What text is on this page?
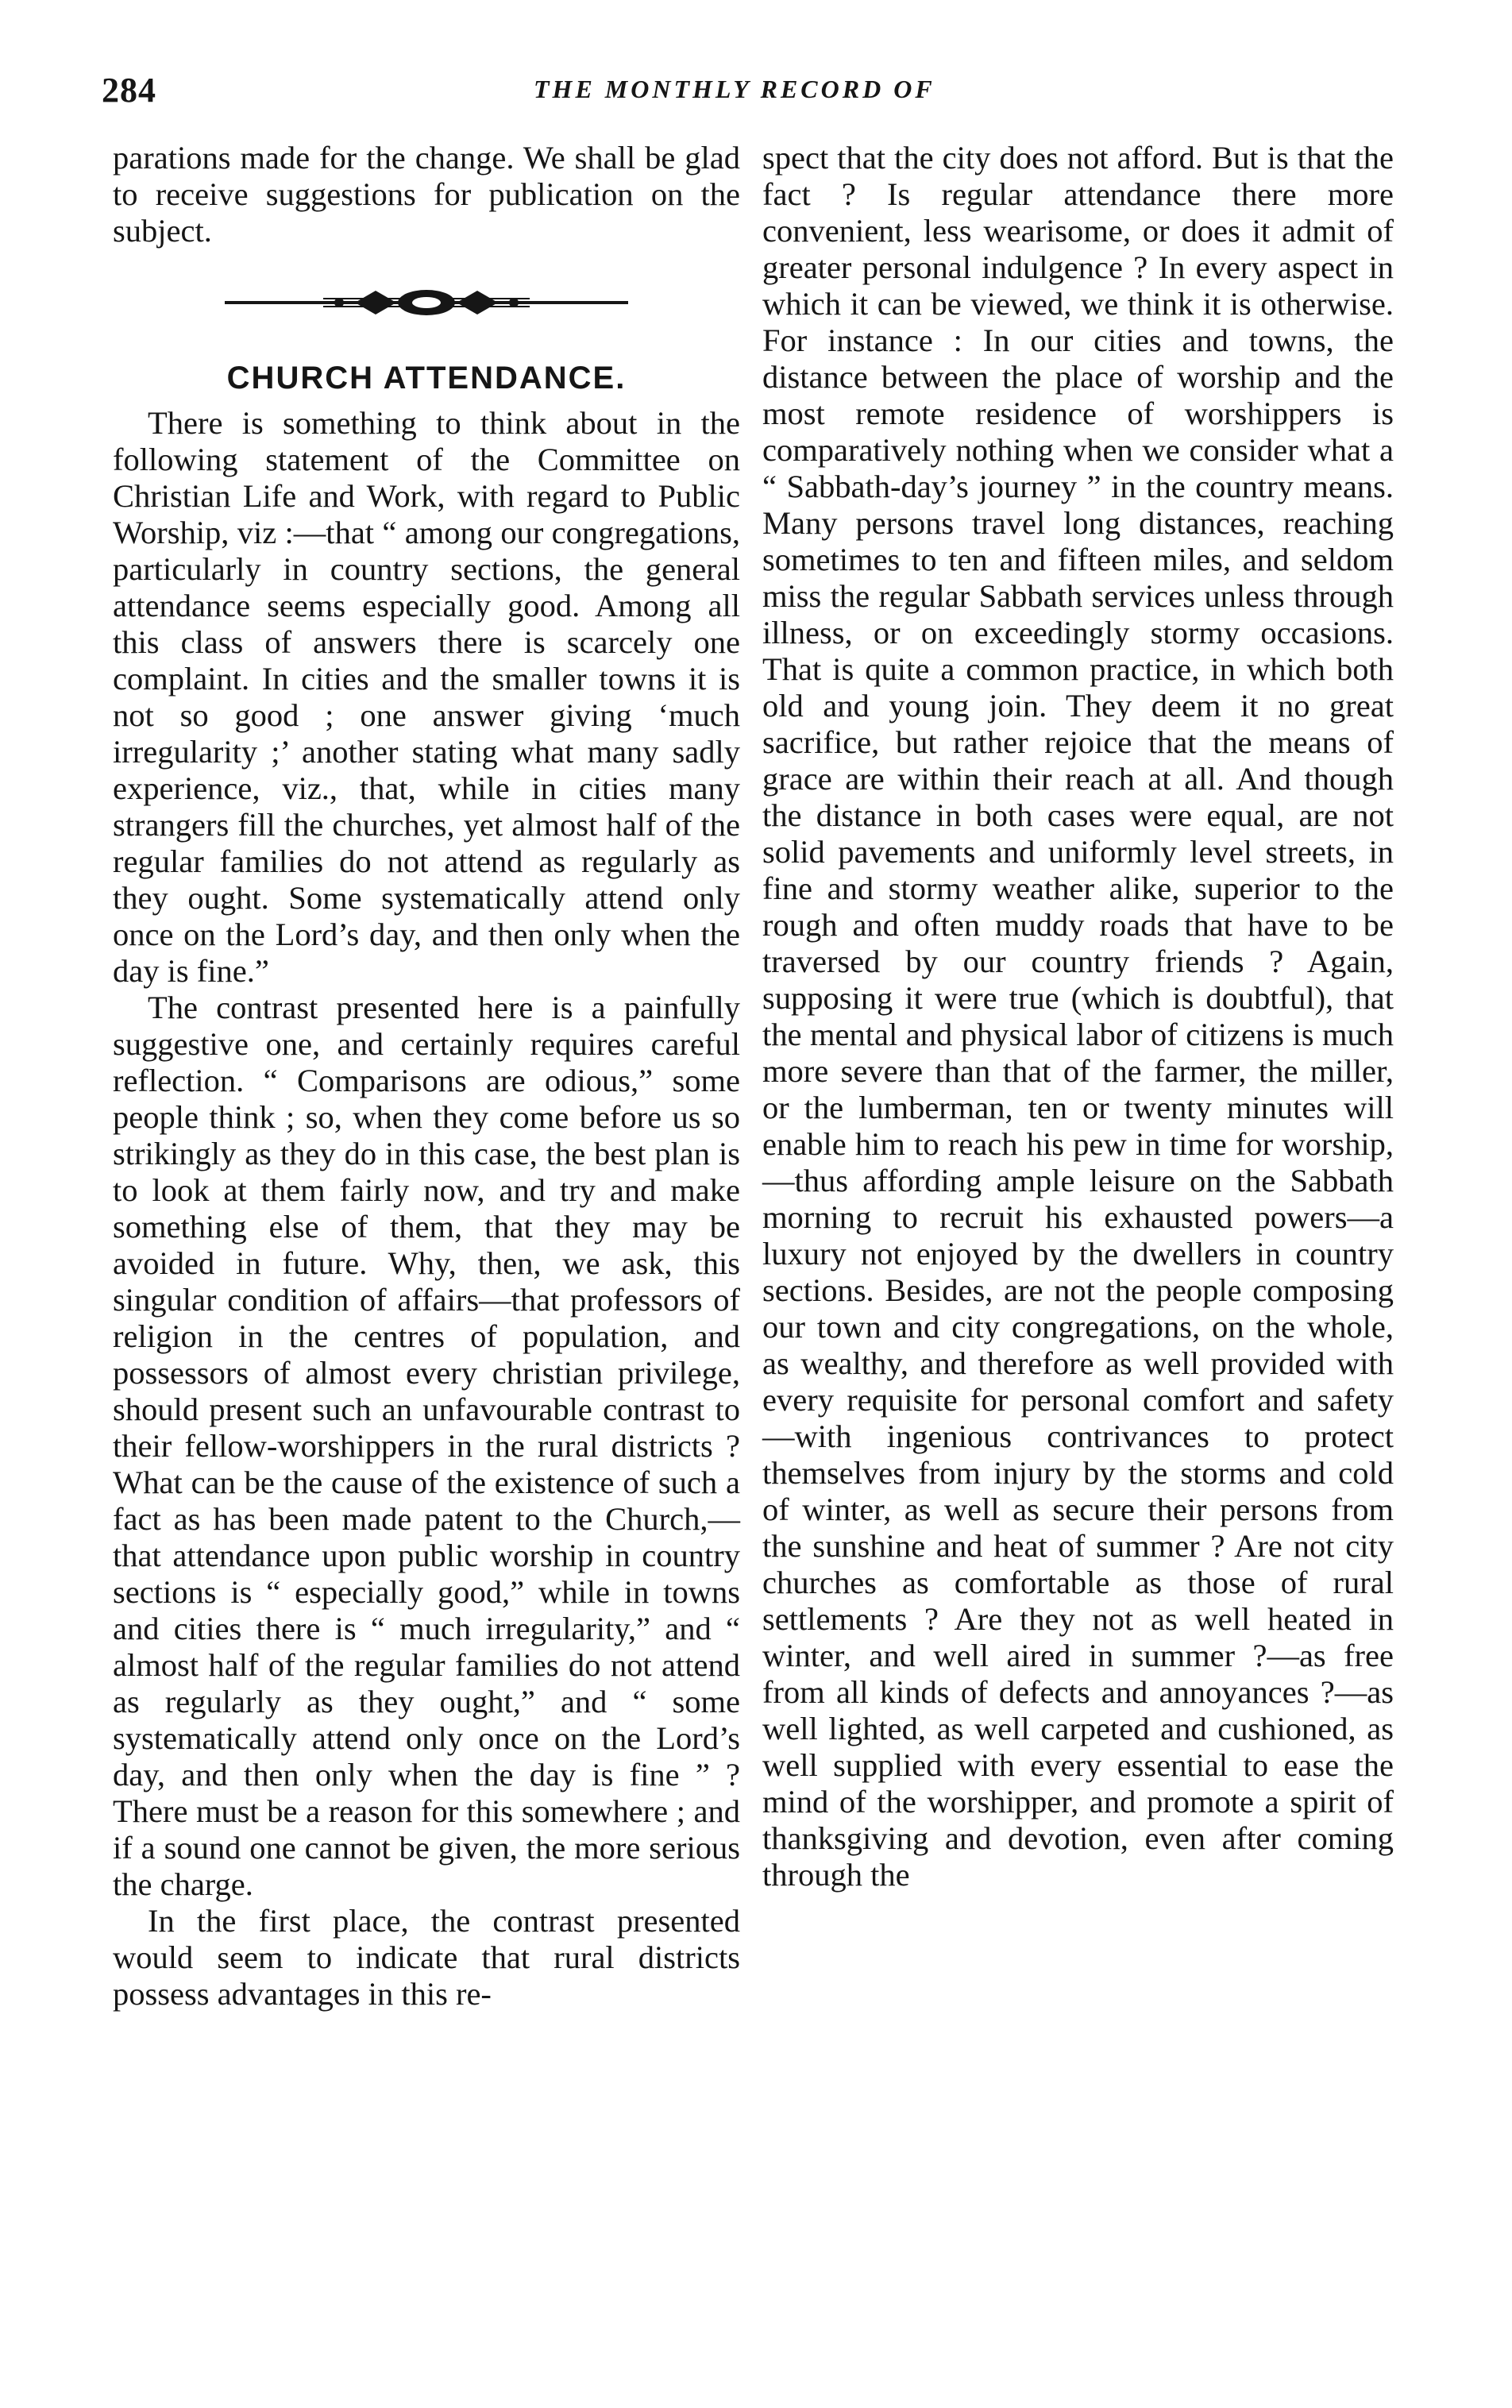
284	THE MONTHLY RECORD OF

parations made for the change. We shall be glad to receive suggestions for publication on the subject.

CHURCH ATTENDANCE.

There is something to think about in the following statement of the Committee on Christian Life and Work, with regard to Public Worship, viz :—that “ among our congregations, particularly in country sections, the general attendance seems especially good. Among all this class of answers there is scarcely one complaint. In cities and the smaller towns it is not so good ; one answer giving ‘much irregularity ;’ another stating what many sadly experience, viz., that, while in cities many strangers fill the churches, yet almost half of the regular families do not attend as regularly as they ought. Some systematically attend only once on the Lord’s day, and then only when the day is fine.”

The contrast presented here is a painfully suggestive one, and certainly requires careful reflection. “ Comparisons are odious,” some people think ; so, when they come before us so strikingly as they do in this case, the best plan is to look at them fairly now, and try and make something else of them, that they may be avoided in future. Why, then, we ask, this singular condition of affairs—that professors of religion in the centres of population, and possessors of almost every christian privilege, should present such an unfavourable contrast to their fellow-worshippers in the rural districts ? What can be the cause of the existence of such a fact as has been made patent to the Church,—that attendance upon public worship in country sections is “ especially good,” while in towns and cities there is “ much irregularity,” and “ almost half of the regular families do not attend as regularly as they ought,” and “ some systematically attend only once on the Lord’s day, and then only when the day is fine ” ? There must be a reason for this somewhere ; and if a sound one cannot be given, the more serious the charge.

In the first place, the contrast presented would seem to indicate that rural districts possess advantages in this re-

spect that the city does not afford. But is that the fact ? Is regular attendance there more convenient, less wearisome, or does it admit of greater personal indulgence ? In every aspect in which it can be viewed, we think it is otherwise. For instance : In our cities and towns, the distance between the place of worship and the most remote residence of worshippers is comparatively nothing when we consider what a “ Sabbath-day’s journey ” in the country means. Many persons travel long distances, reaching sometimes to ten and fifteen miles, and seldom miss the regular Sabbath services unless through illness, or on exceedingly stormy occasions. That is quite a common practice, in which both old and young join. They deem it no great sacrifice, but rather rejoice that the means of grace are within their reach at all. And though the distance in both cases were equal, are not solid pavements and uniformly level streets, in fine and stormy weather alike, superior to the rough and often muddy roads that have to be traversed by our country friends ? Again, supposing it were true (which is doubtful), that the mental and physical labor of citizens is much more severe than that of the farmer, the miller, or the lumberman, ten or twenty minutes will enable him to reach his pew in time for worship,—thus affording ample leisure on the Sabbath morning to recruit his exhausted powers—a luxury not enjoyed by the dwellers in country sections. Besides, are not the people composing our town and city congregations, on the whole, as wealthy, and therefore as well provided with every requisite for personal comfort and safety—with ingenious contrivances to protect themselves from injury by the storms and cold of winter, as well as secure their persons from the sunshine and heat of summer ? Are not city churches as comfortable as those of rural settlements ? Are they not as well heated in winter, and well aired in summer ?—as free from all kinds of defects and annoyances ?—as well lighted, as well carpeted and cushioned, as well supplied with every essential to ease the mind of the worshipper, and promote a spirit of thanksgiving and devotion, even after coming through the
